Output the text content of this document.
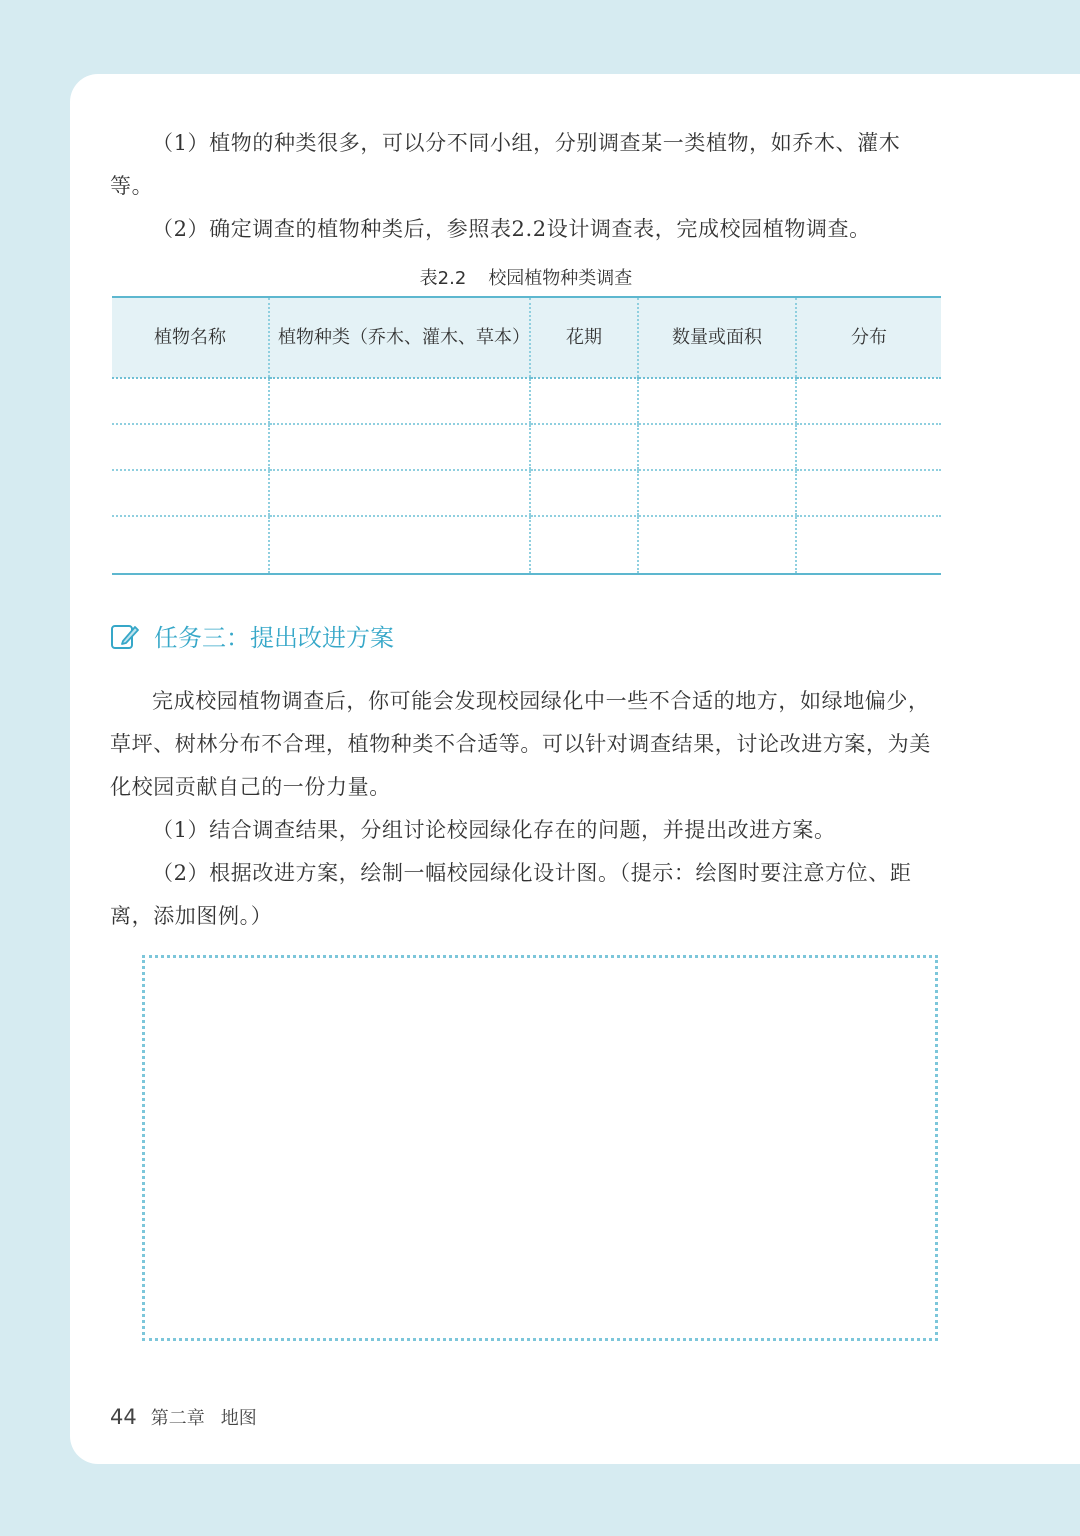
（1）植物的种类很多，可以分不同小组，分别调查某一类植物，如乔木、灌木等。

（2）确定调查的植物种类后，参照表2.2设计调查表，完成校园植物调查。

表2.2 校园植物种类调查
植物名称	植物种类（乔木、灌木、草本）	花期	数量或面积	分布

任务三：提出改进方案

完成校园植物调查后，你可能会发现校园绿化中一些不合适的地方，如绿地偏少，草坪、树林分布不合理，植物种类不合适等。可以针对调查结果，讨论改进方案，为美化校园贡献自己的一份力量。

（1）结合调查结果，分组讨论校园绿化存在的问题，并提出改进方案。

（2）根据改进方案，绘制一幅校园绿化设计图。（提示：绘图时要注意方位、距离，添加图例。）

44 第二章 地图
